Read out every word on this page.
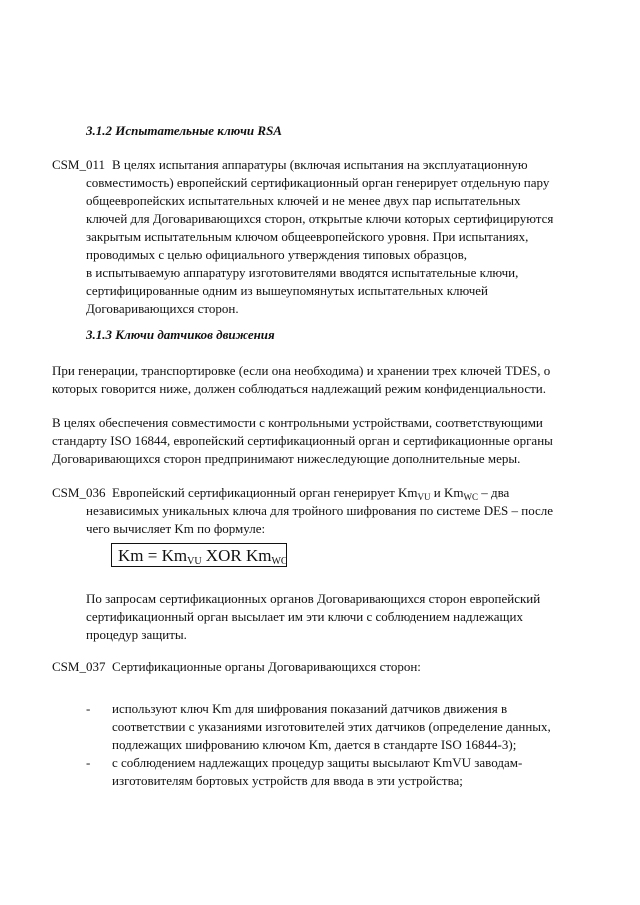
3.1.2 Испытательные ключи RSA
CSM_011 В целях испытания аппаратуры (включая испытания на эксплуатационную
совместимость) европейский сертификационный орган генерирует отдельную пару
общеевропейских испытательных ключей и не менее двух пар испытательных
ключей для Договаривающихся сторон, открытые ключи которых сертифицируются
закрытым испытательным ключом общеевропейского уровня. При испытаниях,
проводимых с целью официального утверждения типовых образцов,
в испытываемую аппаратуру изготовителями вводятся испытательные ключи,
сертифицированные одним из вышеупомянутых испытательных ключей
Договаривающихся сторон.
3.1.3 Ключи датчиков движения
При генерации, транспортировке (если она необходима) и хранении трех ключей TDES, о
которых говорится ниже, должен соблюдаться надлежащий режим конфиденциальности.
В целях обеспечения совместимости с контрольными устройствами, соответствующими
стандарту ISO 16844, европейский сертификационный орган и сертификационные органы
Договаривающихся сторон предпринимают нижеследующие дополнительные меры.
CSM_036 Европейский сертификационный орган генерирует $Km_{VU}$ и $Km_{WC}$ – два
независимых уникальных ключа для тройного шифрования по системе DES – после
чего вычисляет Km по формуле:
$Km = Km_{VU}$ XOR $Km_{WC}$
По запросам сертификационных органов Договаривающихся сторон европейский
сертификационный орган высылает им эти ключи с соблюдением надлежащих
процедур защиты.
CSM_037 Сертификационные органы Договаривающихся сторон:
- используют ключ Km для шифрования показаний датчиков движения в
соответствии с указаниями изготовителей этих датчиков (определение данных,
подлежащих шифрованию ключом Km, дается в стандарте ISO 16844-3);
- с соблюдением надлежащих процедур защиты высылают KmVU заводам-
изготовителям бортовых устройств для ввода в эти устройства;
